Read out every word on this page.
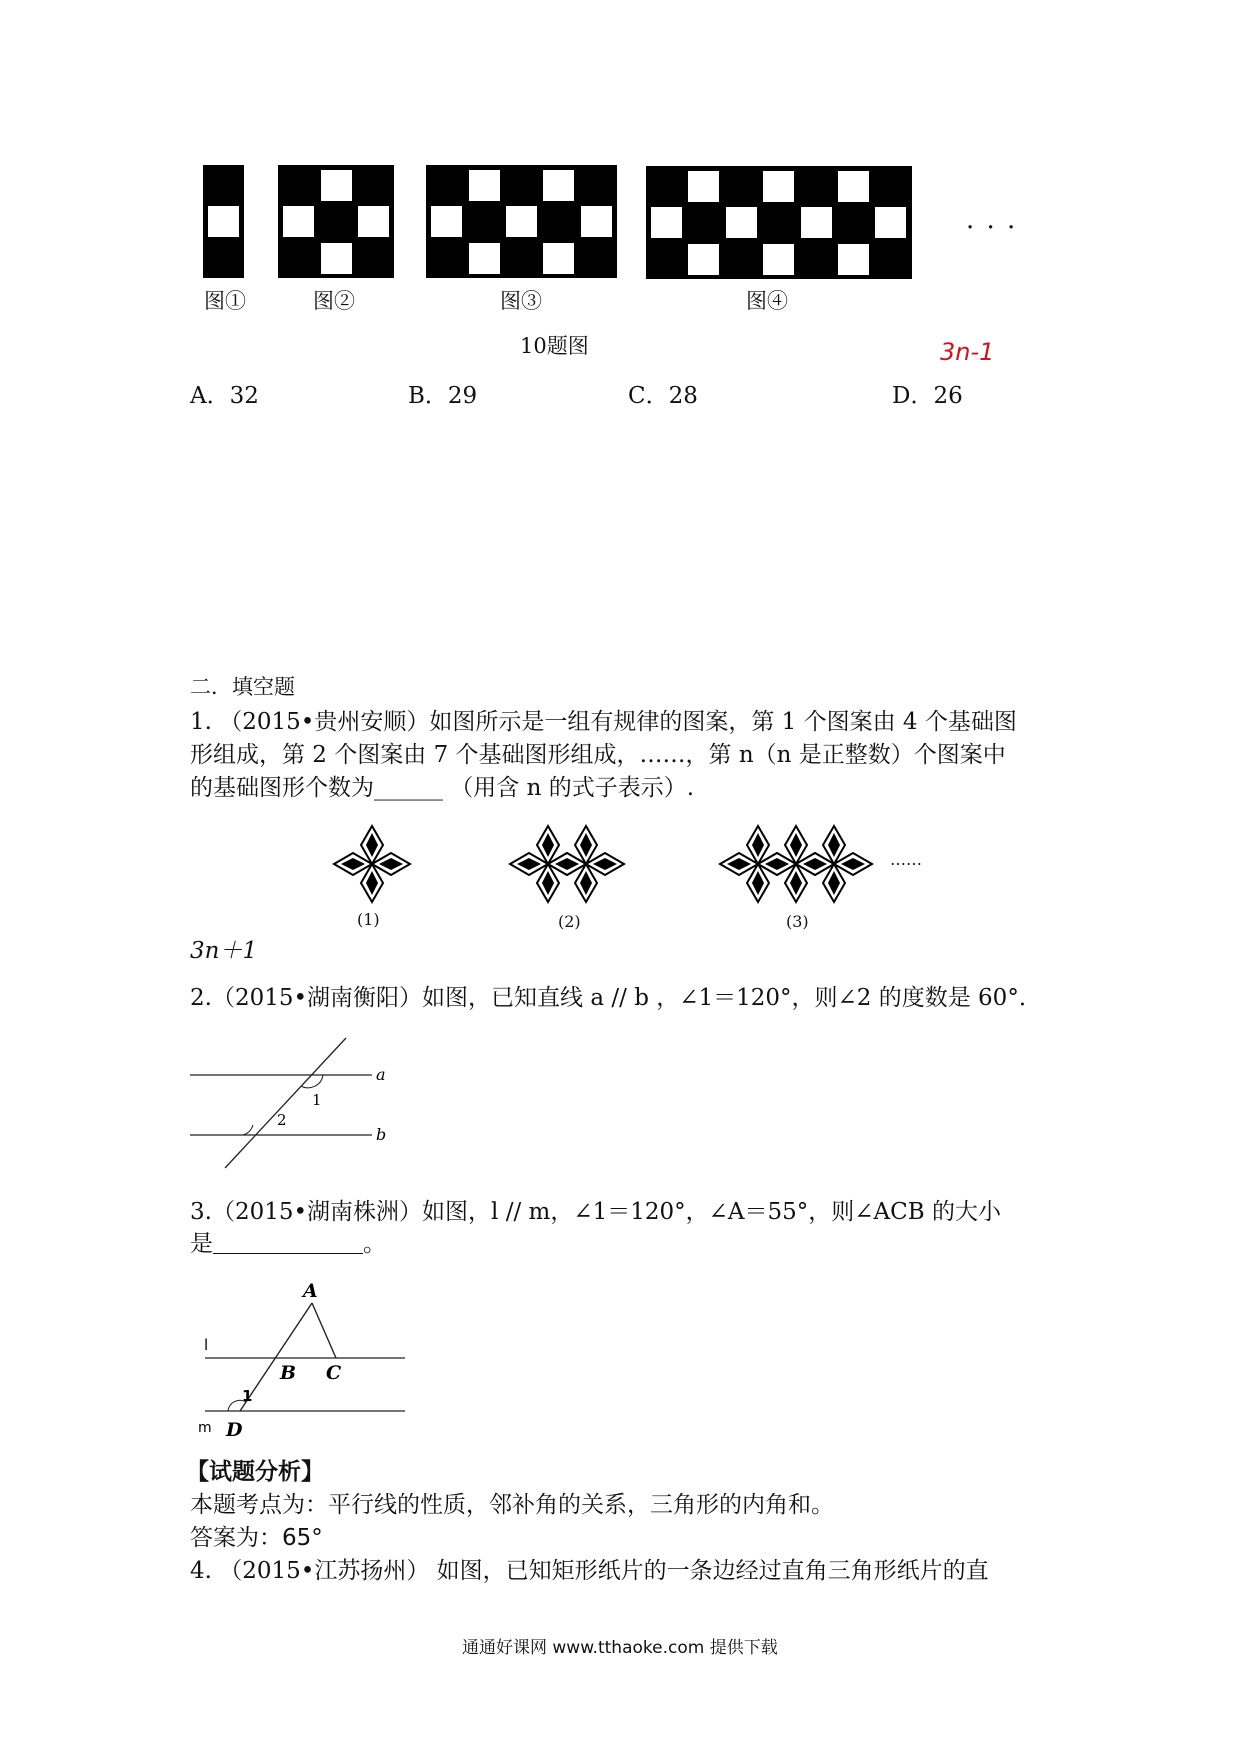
图①	图②	图③	图④
· · ·
10题图	3n-1
A．32	B．29	C．28	D．26
二．填空题
1. （2015•贵州安顺）如图所示是一组有规律的图案，第 1 个图案由 4 个基础图
形组成，第 2 个图案由 7 个基础图形组成，……，第 n（n 是正整数）个图案中
的基础图形个数为______ （用含 n 的式子表示）.
(1)	(2)	(3)
……
3n＋1
2.（2015•湖南衡阳）如图，已知直线 a // b ，∠1＝120°，则∠2 的度数是 60°．
a
b
1
2
3.（2015•湖南株洲）如图，l // m，∠1＝120°，∠A＝55°，则∠ACB 的大小
是	。
A
B C
D
l
m
1
【试题分析】
本题考点为：平行线的性质，邻补角的关系，三角形的内角和。
答案为：65°
4. （2015•江苏扬州） 如图，已知矩形纸片的一条边经过直角三角形纸片的直
通通好课网 www.tthaoke.com 提供下载
